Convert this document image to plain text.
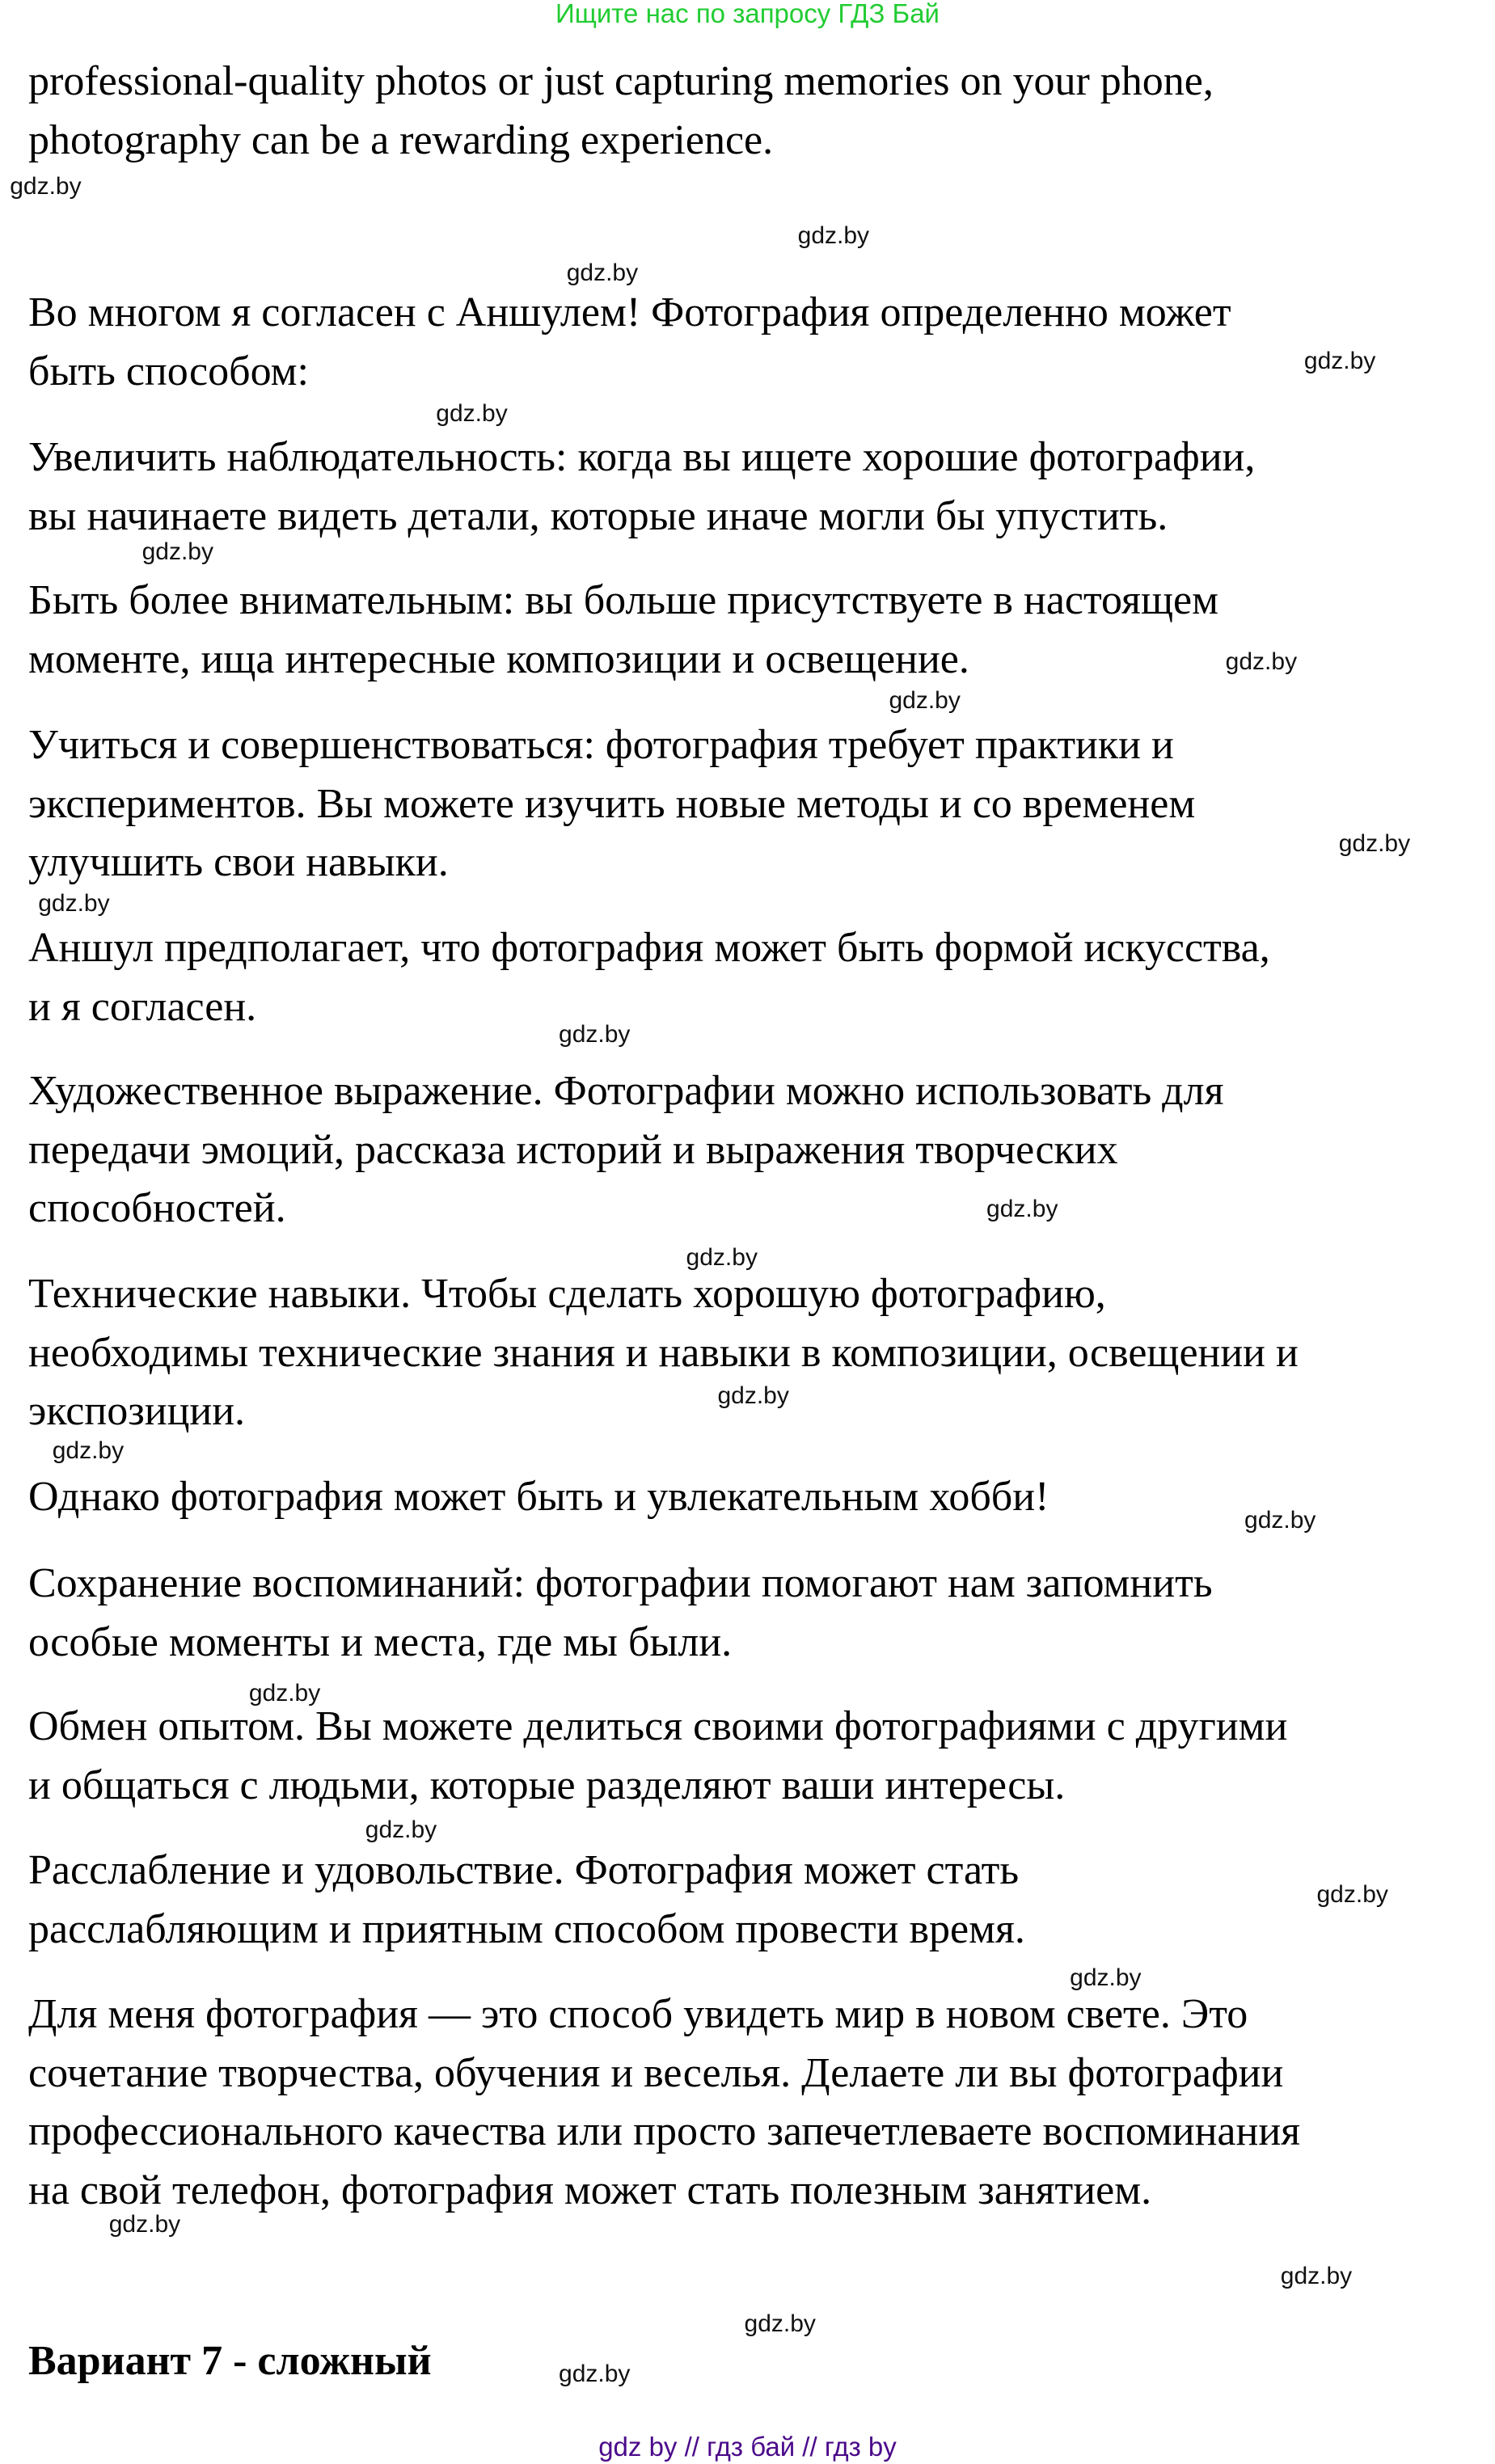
Ищите нас по запросу ГДЗ Бай
professional-quality photos or just capturing memories on your phone,
photography can be a rewarding experience.
Во многом я согласен с Аншулем! Фотография определенно может
быть способом:
Увеличить наблюдательность: когда вы ищете хорошие фотографии,
вы начинаете видеть детали, которые иначе могли бы упустить.
Быть более внимательным: вы больше присутствуете в настоящем
моменте, ища интересные композиции и освещение.
Учиться и совершенствоваться: фотография требует практики и
экспериментов. Вы можете изучить новые методы и со временем
улучшить свои навыки.
Аншул предполагает, что фотография может быть формой искусства,
и я согласен.
Художественное выражение. Фотографии можно использовать для
передачи эмоций, рассказа историй и выражения творческих
способностей.
Технические навыки. Чтобы сделать хорошую фотографию,
необходимы технические знания и навыки в композиции, освещении и
экспозиции.
Однако фотография может быть и увлекательным хобби!
Сохранение воспоминаний: фотографии помогают нам запомнить
особые моменты и места, где мы были.
Обмен опытом. Вы можете делиться своими фотографиями с другими
и общаться с людьми, которые разделяют ваши интересы.
Расслабление и удовольствие. Фотография может стать
расслабляющим и приятным способом провести время.
Для меня фотография — это способ увидеть мир в новом свете. Это
сочетание творчества, обучения и веселья. Делаете ли вы фотографии
профессионального качества или просто запечетлеваете воспоминания
на свой телефон, фотография может стать полезным занятием.
Вариант 7 - сложный
gdz.by
gdz.by
gdz.by
gdz.by
gdz.by
gdz.by
gdz.by
gdz.by
gdz.by
gdz.by
gdz.by
gdz.by
gdz.by
gdz.by
gdz.by
gdz.by
gdz.by
gdz.by
gdz.by
gdz.by
gdz.by
gdz.by
gdz.by
gdz.by
gdz by // гдз бай // гдз by
